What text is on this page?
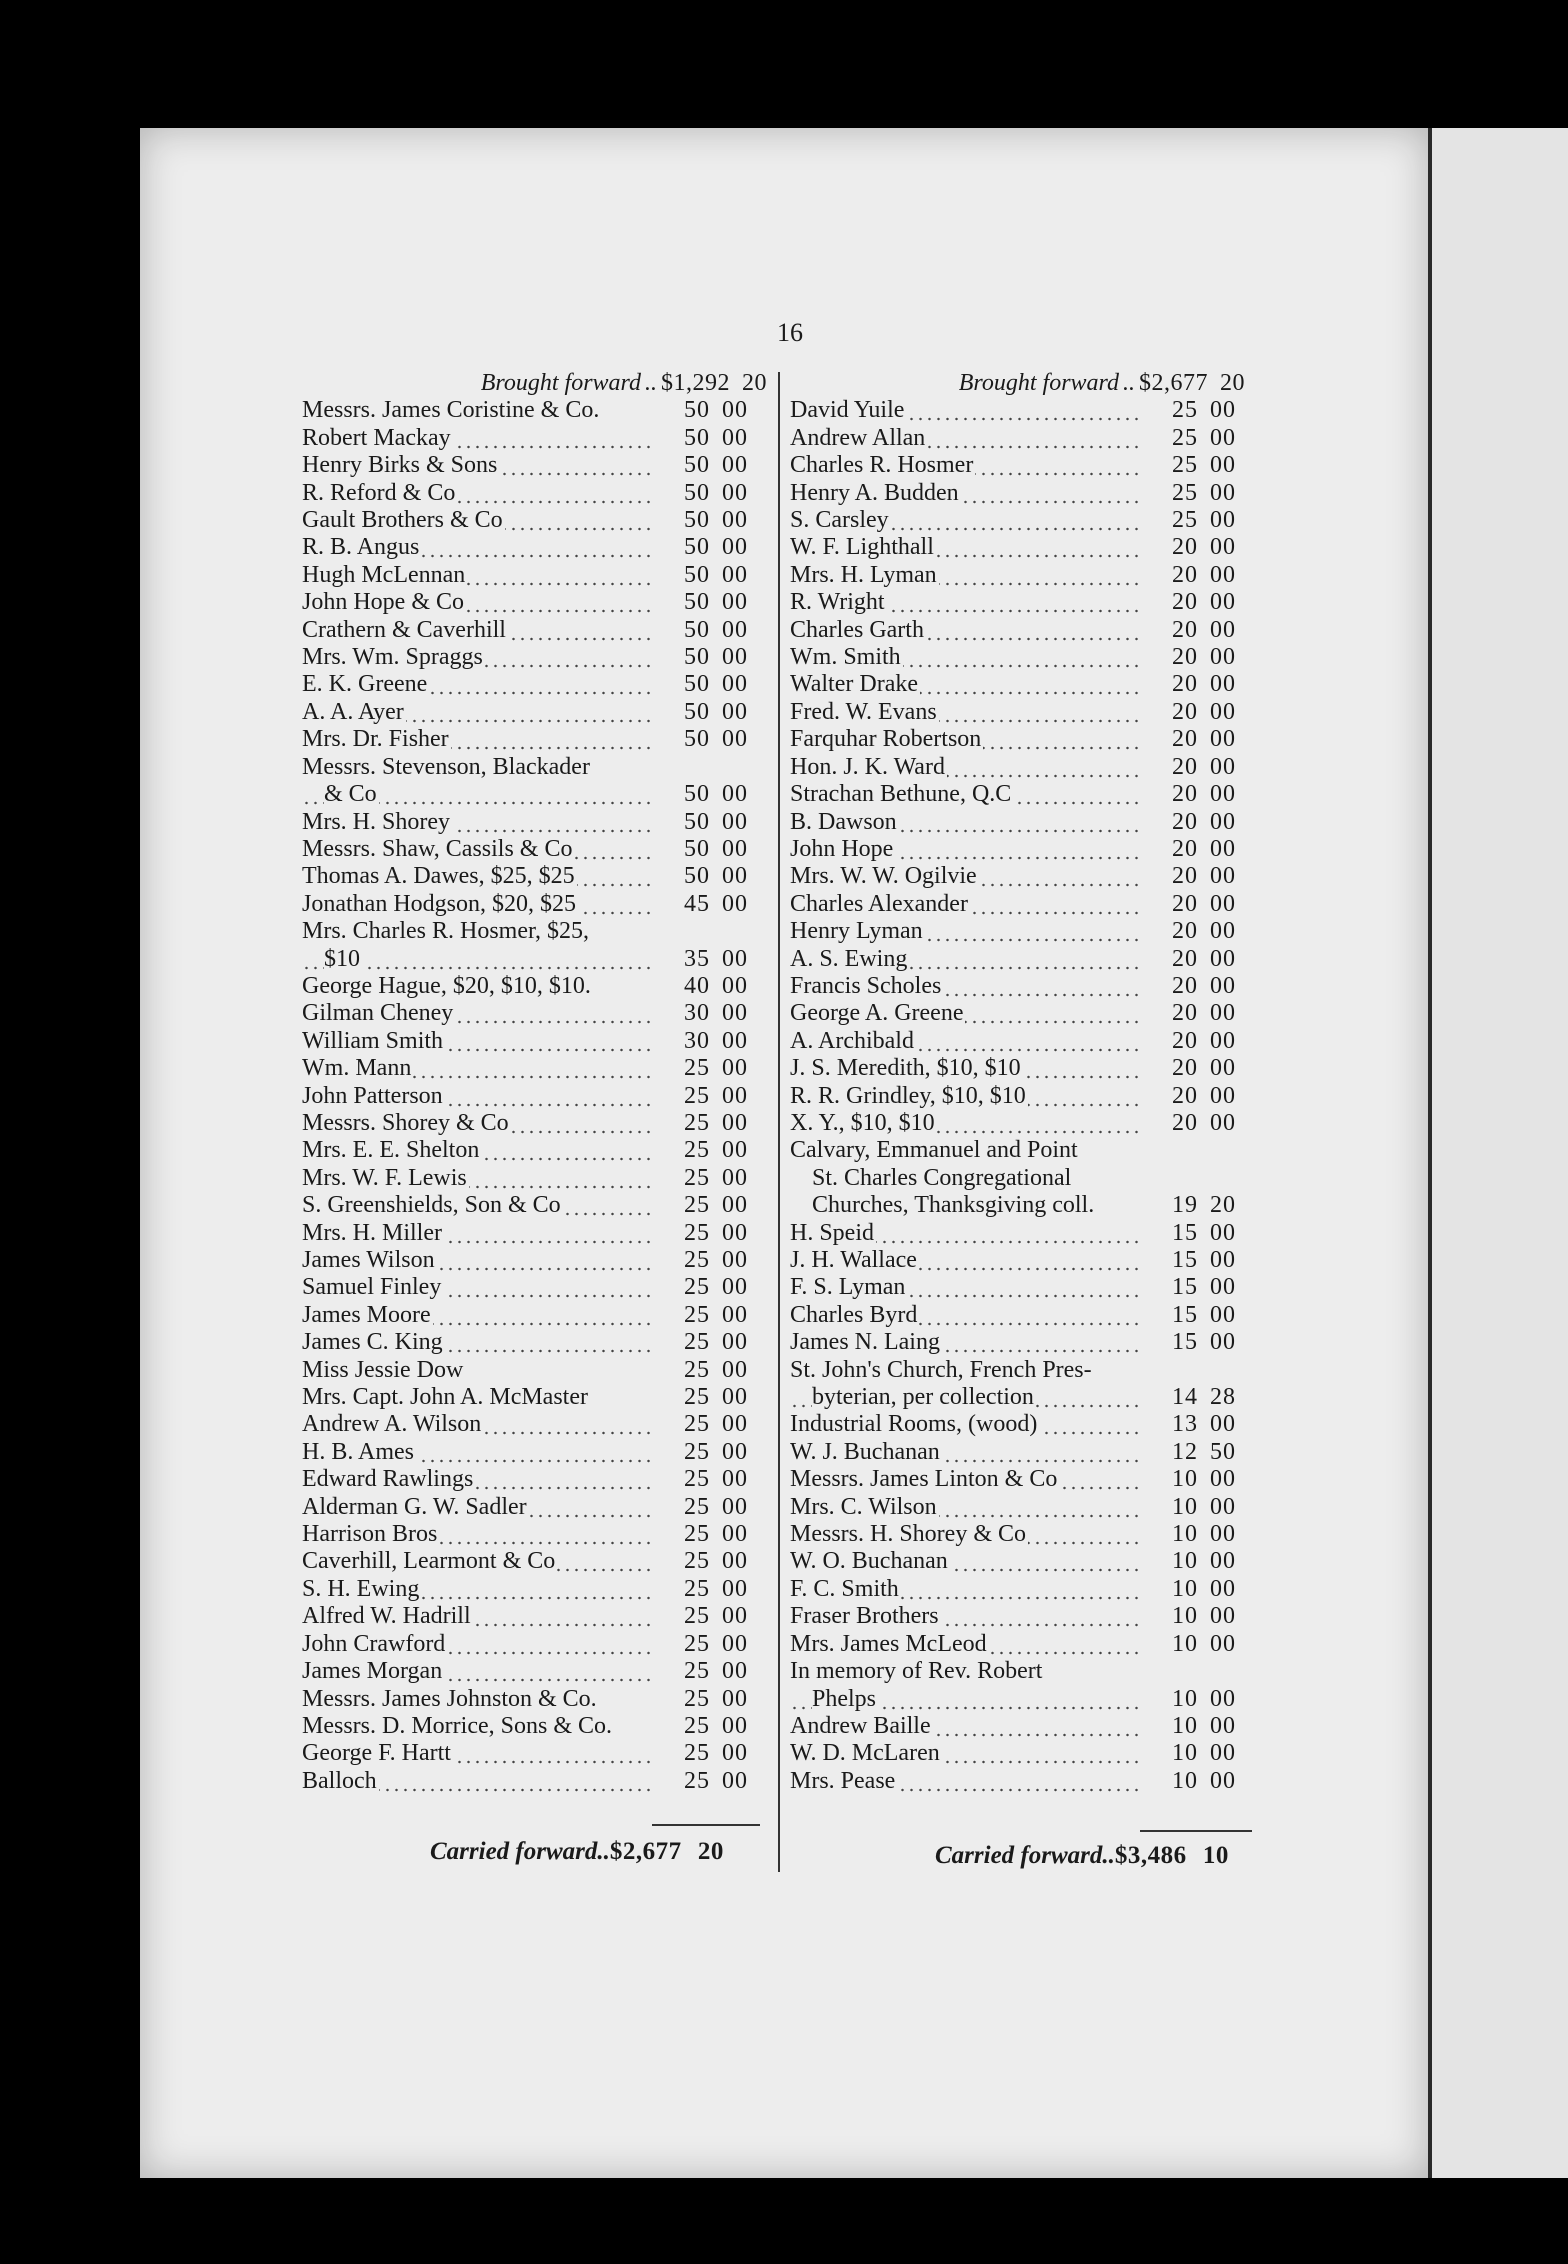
16
Brought forward .. $1,292 20
Messrs. James Coristine & Co.	50 00
Robert Mackay	50 00
Henry Birks & Sons	50 00
R. Reford & Co	50 00
Gault Brothers & Co	50 00
R. B. Angus	50 00
Hugh McLennan	50 00
John Hope & Co	50 00
Crathern & Caverhill	50 00
Mrs. Wm. Spraggs	50 00
E. K. Greene	50 00
A. A. Ayer	50 00
Mrs. Dr. Fisher	50 00
Messrs. Stevenson, Blackader
& Co	50 00
Mrs. H. Shorey	50 00
Messrs. Shaw, Cassils & Co	50 00
Thomas A. Dawes, $25, $25	50 00
Jonathan Hodgson, $20, $25	45 00
Mrs. Charles R. Hosmer, $25,
$10	35 00
George Hague, $20, $10, $10.	40 00
Gilman Cheney	30 00
William Smith	30 00
Wm. Mann	25 00
John Patterson	25 00
Messrs. Shorey & Co	25 00
Mrs. E. E. Shelton	25 00
Mrs. W. F. Lewis	25 00
S. Greenshields, Son & Co	25 00
Mrs. H. Miller	25 00
James Wilson	25 00
Samuel Finley	25 00
James Moore	25 00
James C. King	25 00
Miss Jessie Dow	25 00
Mrs. Capt. John A. McMaster	25 00
Andrew A. Wilson	25 00
H. B. Ames	25 00
Edward Rawlings	25 00
Alderman G. W. Sadler	25 00
Harrison Bros	25 00
Caverhill, Learmont & Co	25 00
S. H. Ewing	25 00
Alfred W. Hadrill	25 00
John Crawford	25 00
James Morgan	25 00
Messrs. James Johnston & Co.	25 00
Messrs. D. Morrice, Sons & Co.	25 00
George F. Hartt	25 00
Balloch	25 00
Brought forward .. $2,677 20
David Yuile	25 00
Andrew Allan	25 00
Charles R. Hosmer	25 00
Henry A. Budden	25 00
S. Carsley	25 00
W. F. Lighthall	20 00
Mrs. H. Lyman	20 00
R. Wright	20 00
Charles Garth	20 00
Wm. Smith	20 00
Walter Drake	20 00
Fred. W. Evans	20 00
Farquhar Robertson	20 00
Hon. J. K. Ward	20 00
Strachan Bethune, Q.C	20 00
B. Dawson	20 00
John Hope	20 00
Mrs. W. W. Ogilvie	20 00
Charles Alexander	20 00
Henry Lyman	20 00
A. S. Ewing	20 00
Francis Scholes	20 00
George A. Greene	20 00
A. Archibald	20 00
J. S. Meredith, $10, $10	20 00
R. R. Grindley, $10, $10	20 00
X. Y., $10, $10	20 00
Calvary, Emmanuel and Point
St. Charles Congregational
Churches, Thanksgiving coll.	19 20
H. Speid	15 00
J. H. Wallace	15 00
F. S. Lyman	15 00
Charles Byrd	15 00
James N. Laing	15 00
St. John's Church, French Pres-
byterian, per collection	14 28
Industrial Rooms, (wood)	13 00
W. J. Buchanan	12 50
Messrs. James Linton & Co	10 00
Mrs. C. Wilson	10 00
Messrs. H. Shorey & Co	10 00
W. O. Buchanan	10 00
F. C. Smith	10 00
Fraser Brothers	10 00
Mrs. James McLeod	10 00
In memory of Rev. Robert
Phelps	10 00
Andrew Baille	10 00
W. D. McLaren	10 00
Mrs. Pease	10 00
Carried forward..$2,677 20	Carried forward..$3,486 10
